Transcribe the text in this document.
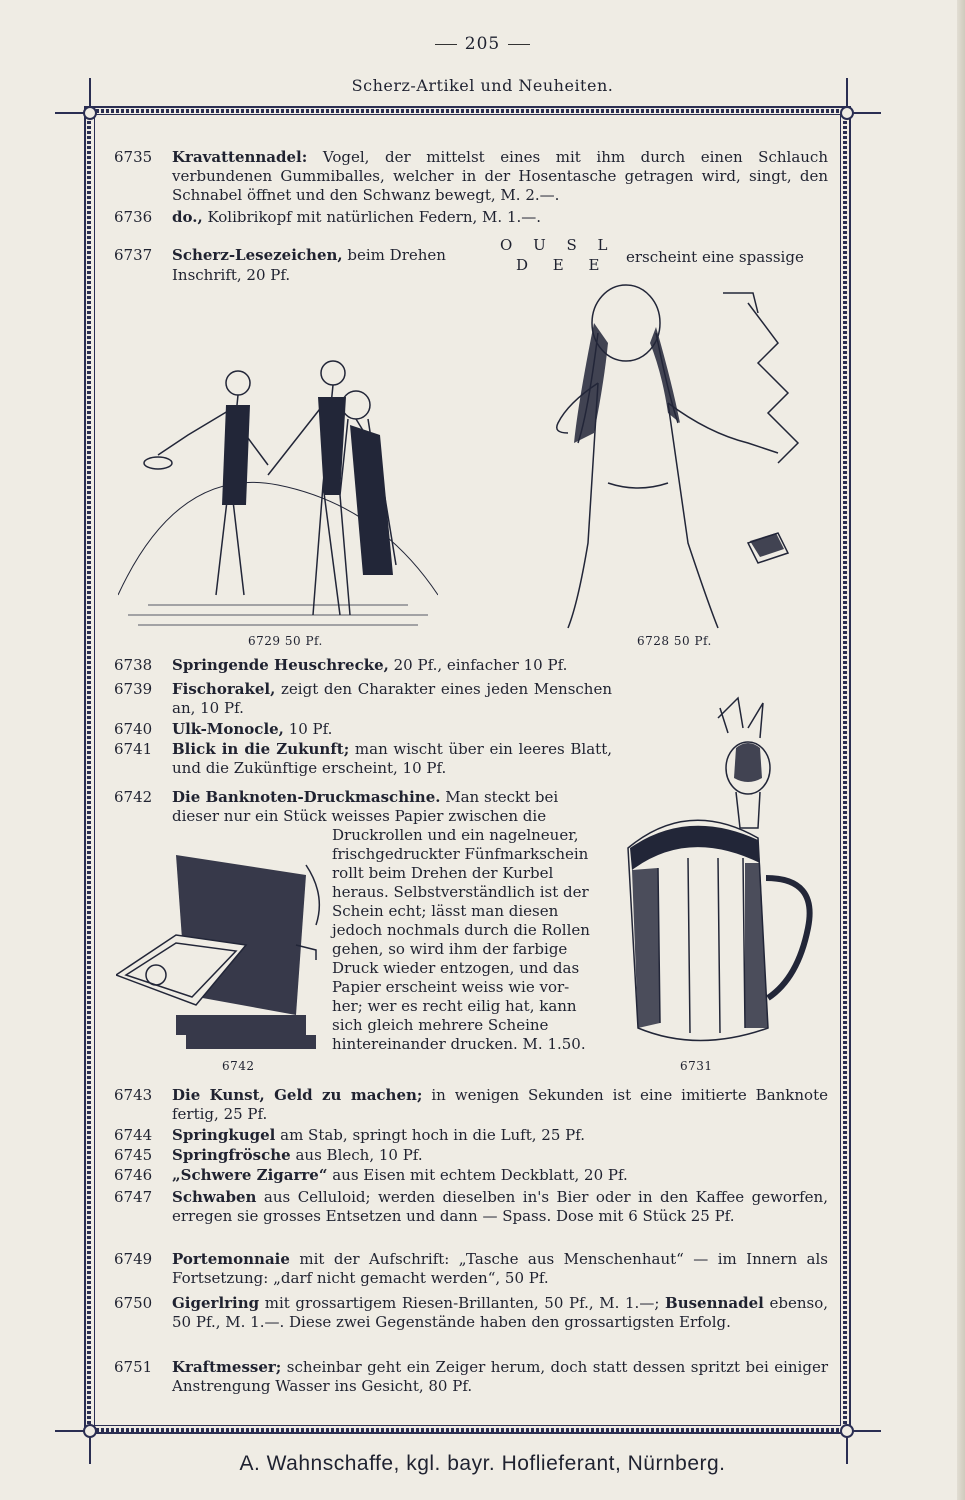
205
Scherz-Artikel und Neuheiten.
6735	Kravattennadel: Vogel, der mittelst eines mit ihm durch einen Schlauch verbundenen Gummiballes, welcher in der Hosentasche getragen wird, singt, den Schnabel öffnet und den Schwanz bewegt, M. 2.—.
6736	do., Kolibrikopf mit natürlichen Federn, M. 1.—.
6737	Scherz-Lesezeichen, beim Drehen
O U S L
D E E erscheint eine spassige
Inschrift, 20 Pf.
6738	Springende Heuschrecke, 20 Pf., einfacher 10 Pf.
6739	Fischorakel, zeigt den Charakter eines jeden Menschen an, 10 Pf.
6740	Ulk-Monocle, 10 Pf.
6741	Blick in die Zukunft; man wischt über ein leeres Blatt, und die Zukünftige erscheint, 10 Pf.
6742	Die Banknoten-Druckmaschine. Man steckt bei
dieser nur ein Stück weisses Papier zwischen die
Druckrollen und ein nagelneuer,
frischgedruckter Fünfmarkschein
rollt beim Drehen der Kurbel
heraus. Selbstverständlich ist der
Schein echt; lässt man diesen
jedoch nochmals durch die Rollen
gehen, so wird ihm der farbige
Druck wieder entzogen, und das
Papier erscheint weiss wie vor-
her; wer es recht eilig hat, kann
sich gleich mehrere Scheine
hintereinander drucken. M. 1.50.
6743	Die Kunst, Geld zu machen; in wenigen Sekunden ist eine imitierte Banknote fertig, 25 Pf.
6744	Springkugel am Stab, springt hoch in die Luft, 25 Pf.
6745	Springfrösche aus Blech, 10 Pf.
6746	„Schwere Zigarre“ aus Eisen mit echtem Deckblatt, 20 Pf.
6747	Schwaben aus Celluloid; werden dieselben in's Bier oder in den Kaffee geworfen, erregen sie grosses Entsetzen und dann — Spass. Dose mit 6 Stück 25 Pf.
6749	Portemonnaie mit der Aufschrift: „Tasche aus Menschenhaut“ — im Innern als Fortsetzung: „darf nicht gemacht werden“, 50 Pf.
6750	Gigerlring mit grossartigem Riesen-Brillanten, 50 Pf., M. 1.—; Busennadel ebenso, 50 Pf., M. 1.—. Diese zwei Gegenstände haben den grossartigsten Erfolg.
6751	Kraftmesser; scheinbar geht ein Zeiger herum, doch statt dessen spritzt bei einiger Anstrengung Wasser ins Gesicht, 80 Pf.
6729 50 Pf.	6728 50 Pf.
6742	6731
A. Wahnschaffe, kgl. bayr. Hoflieferant, Nürnberg.
